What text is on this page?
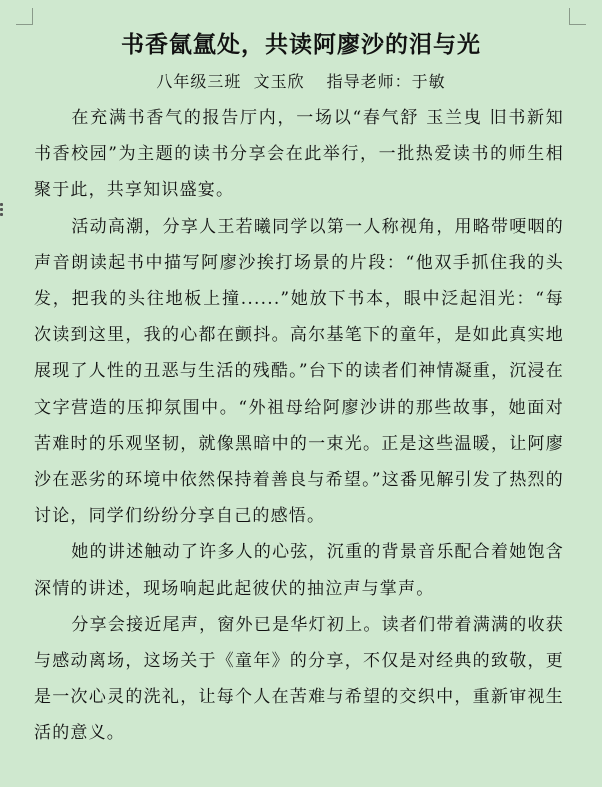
书香氤氲处，共读阿廖沙的泪与光
八年级三班  文玉欣 指导老师：于敏

在充满书香气的报告厅内，一场以“春气舒 玉兰曳 旧书新知 书香校园”为主题的读书分享会在此举行，一批热爱读书的师生相聚于此，共享知识盛宴。

活动高潮，分享人王若曦同学以第一人称视角，用略带哽咽的声音朗读起书中描写阿廖沙挨打场景的片段：“他双手抓住我的头发，把我的头往地板上撞......”她放下书本，眼中泛起泪光：“每次读到这里，我的心都在颤抖。高尔基笔下的童年，是如此真实地展现了人性的丑恶与生活的残酷。”台下的读者们神情凝重，沉浸在文字营造的压抑氛围中。“外祖母给阿廖沙讲的那些故事，她面对苦难时的乐观坚韧，就像黑暗中的一束光。正是这些温暖，让阿廖沙在恶劣的环境中依然保持着善良与希望。”这番见解引发了热烈的讨论，同学们纷纷分享自己的感悟。

她的讲述触动了许多人的心弦，沉重的背景音乐配合着她饱含深情的讲述，现场响起此起彼伏的抽泣声与掌声。

分享会接近尾声，窗外已是华灯初上。读者们带着满满的收获与感动离场，这场关于《童年》的分享，不仅是对经典的致敬，更是一次心灵的洗礼，让每个人在苦难与希望的交织中，重新审视生活的意义。
